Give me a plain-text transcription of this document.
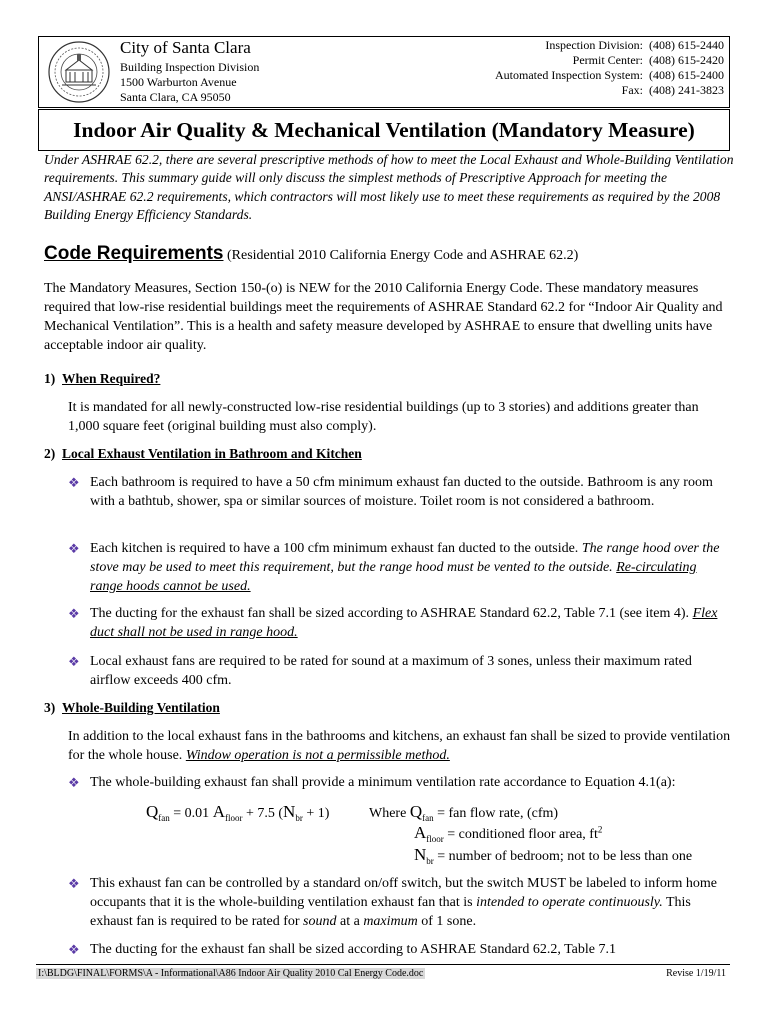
City of Santa Clara
Building Inspection Division
1500 Warburton Avenue
Santa Clara, CA 95050
Inspection Division: (408) 615-2440
Permit Center: (408) 615-2420
Automated Inspection System: (408) 615-2400
Fax: (408) 241-3823
Indoor Air Quality & Mechanical Ventilation (Mandatory Measure)
Under ASHRAE 62.2, there are several prescriptive methods of how to meet the Local Exhaust and Whole-Building Ventilation requirements. This summary guide will only discuss the simplest methods of Prescriptive Approach for meeting the ANSI/ASHRAE 62.2 requirements, which contractors will most likely use to meet these requirements as required by the 2008 Building Energy Efficiency Standards.
Code Requirements (Residential 2010 California Energy Code and ASHRAE 62.2)
The Mandatory Measures, Section 150-(o) is NEW for the 2010 California Energy Code. These mandatory measures required that low-rise residential buildings meet the requirements of ASHRAE Standard 62.2 for “Indoor Air Quality and Mechanical Ventilation”. This is a health and safety measure developed by ASHRAE to ensure that dwelling units have acceptable indoor air quality.
1) When Required?
It is mandated for all newly-constructed low-rise residential buildings (up to 3 stories) and additions greater than 1,000 square feet (original building must also comply).
2) Local Exhaust Ventilation in Bathroom and Kitchen
❖ Each bathroom is required to have a 50 cfm minimum exhaust fan ducted to the outside. Bathroom is any room with a bathtub, shower, spa or similar sources of moisture. Toilet room is not considered a bathroom.
❖ Each kitchen is required to have a 100 cfm minimum exhaust fan ducted to the outside. The range hood over the stove may be used to meet this requirement, but the range hood must be vented to the outside. Re-circulating range hoods cannot be used.
❖ The ducting for the exhaust fan shall be sized according to ASHRAE Standard 62.2, Table 7.1 (see item 4). Flex duct shall not be used in range hood.
❖ Local exhaust fans are required to be rated for sound at a maximum of 3 sones, unless their maximum rated airflow exceeds 400 cfm.
3) Whole-Building Ventilation
In addition to the local exhaust fans in the bathrooms and kitchens, an exhaust fan shall be sized to provide ventilation for the whole house. Window operation is not a permissible method.
❖ The whole-building exhaust fan shall provide a minimum ventilation rate accordance to Equation 4.1(a):
$Q_{fan} = 0.01$ $A_{floor} + 7.5$ $(N_{br} + 1)$	Where $Q_{fan}$ = fan flow rate, (cfm)
$A_{floor}$ = conditioned floor area, $ft^2$
$N_{br}$ = number of bedroom; not to be less than one
❖ This exhaust fan can be controlled by a standard on/off switch, but the switch MUST be labeled to inform home occupants that it is the whole-building ventilation exhaust fan that is intended to operate continuously. This exhaust fan is required to be rated for sound at a maximum of 1 sone.
❖ The ducting for the exhaust fan shall be sized according to ASHRAE Standard 62.2, Table 7.1
I:\BLDG\FINAL\FORMS\A - Informational\A86 Indoor Air Quality 2010 Cal Energy Code.doc	Revise 1/19/11
